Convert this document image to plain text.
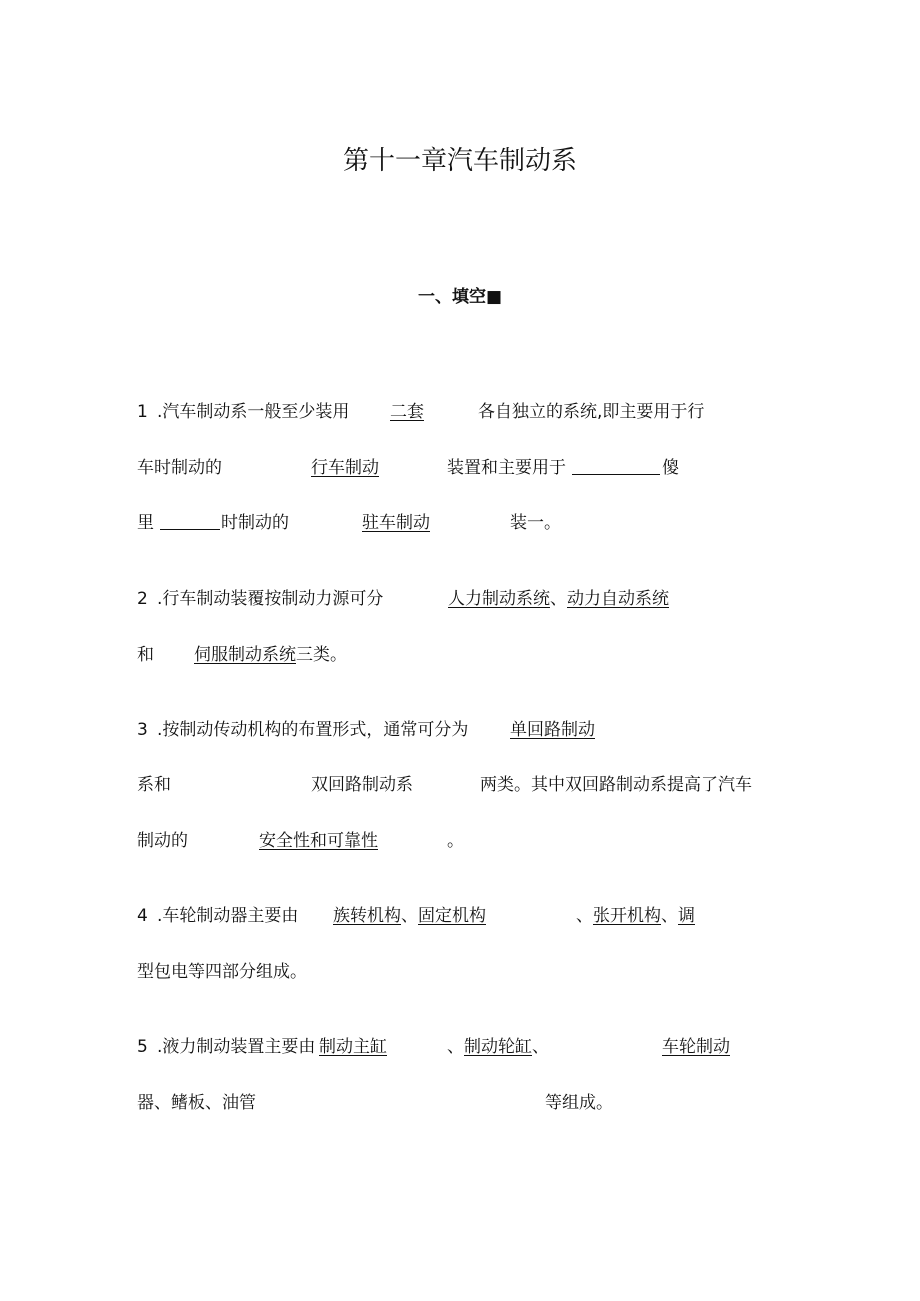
第十一章汽车制动系
一、填空■
1 .汽车制动系一般至少装用 二套	各自独立的系统,即主要用于行
车时制动的	行车制动	装置和主要用于	傻
里	时制动的	驻车制动	装一。
2 .行车制动装覆按制动力源可分	人力制动系统 、 动力自动系统
和 伺服制动系统 三类。
3 .按制动传动机构的布置形式，通常可分为 单回路制动
系和	双回路制动系	两类。其中双回路制动系提高了汽车
制动的	安全性和可靠性	。
4 .车轮制动器主要由 族转机构 、 固定机构	、 张开机构 、 调
型包电等四部分组成。
5 .液力制动装置主要由 制动主缸	、 制动轮缸 、	车轮制动
器、鳍板、油管	等组成。
